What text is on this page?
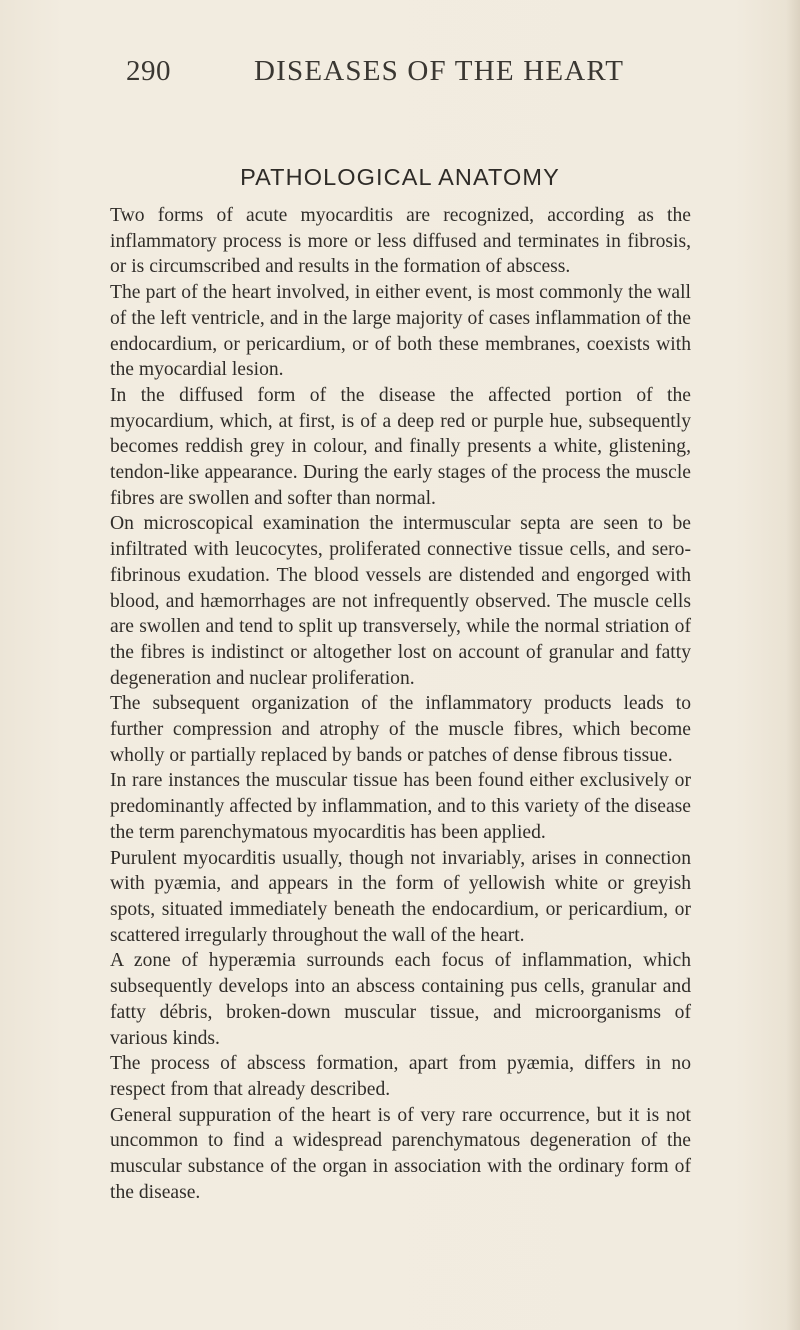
290	DISEASES OF THE HEART
PATHOLOGICAL ANATOMY

Two forms of acute myocarditis are recognized, according as the inflammatory process is more or less diffused and terminates in fibrosis, or is circumscribed and results in the formation of abscess.

The part of the heart involved, in either event, is most commonly the wall of the left ventricle, and in the large majority of cases inflammation of the endocardium, or pericardium, or of both these membranes, coexists with the myocardial lesion.

In the diffused form of the disease the affected portion of the myocardium, which, at first, is of a deep red or purple hue, subsequently becomes reddish grey in colour, and finally presents a white, glistening, tendon-like appearance. During the early stages of the process the muscle fibres are swollen and softer than normal.

On microscopical examination the intermuscular septa are seen to be infiltrated with leucocytes, proliferated connective tissue cells, and sero-fibrinous exudation. The blood vessels are distended and engorged with blood, and hæmorrhages are not infrequently observed. The muscle cells are swollen and tend to split up transversely, while the normal striation of the fibres is indistinct or altogether lost on account of granular and fatty degeneration and nuclear proliferation.

The subsequent organization of the inflammatory products leads to further compression and atrophy of the muscle fibres, which become wholly or partially replaced by bands or patches of dense fibrous tissue.

In rare instances the muscular tissue has been found either exclusively or predominantly affected by inflammation, and to this variety of the disease the term parenchymatous myocarditis has been applied.

Purulent myocarditis usually, though not invariably, arises in connection with pyæmia, and appears in the form of yellowish white or greyish spots, situated immediately beneath the endocardium, or pericardium, or scattered irregularly throughout the wall of the heart.

A zone of hyperæmia surrounds each focus of inflammation, which subsequently develops into an abscess containing pus cells, granular and fatty débris, broken-down muscular tissue, and microorganisms of various kinds.

The process of abscess formation, apart from pyæmia, differs in no respect from that already described.

General suppuration of the heart is of very rare occurrence, but it is not uncommon to find a widespread parenchymatous degeneration of the muscular substance of the organ in association with the ordinary form of the disease.
